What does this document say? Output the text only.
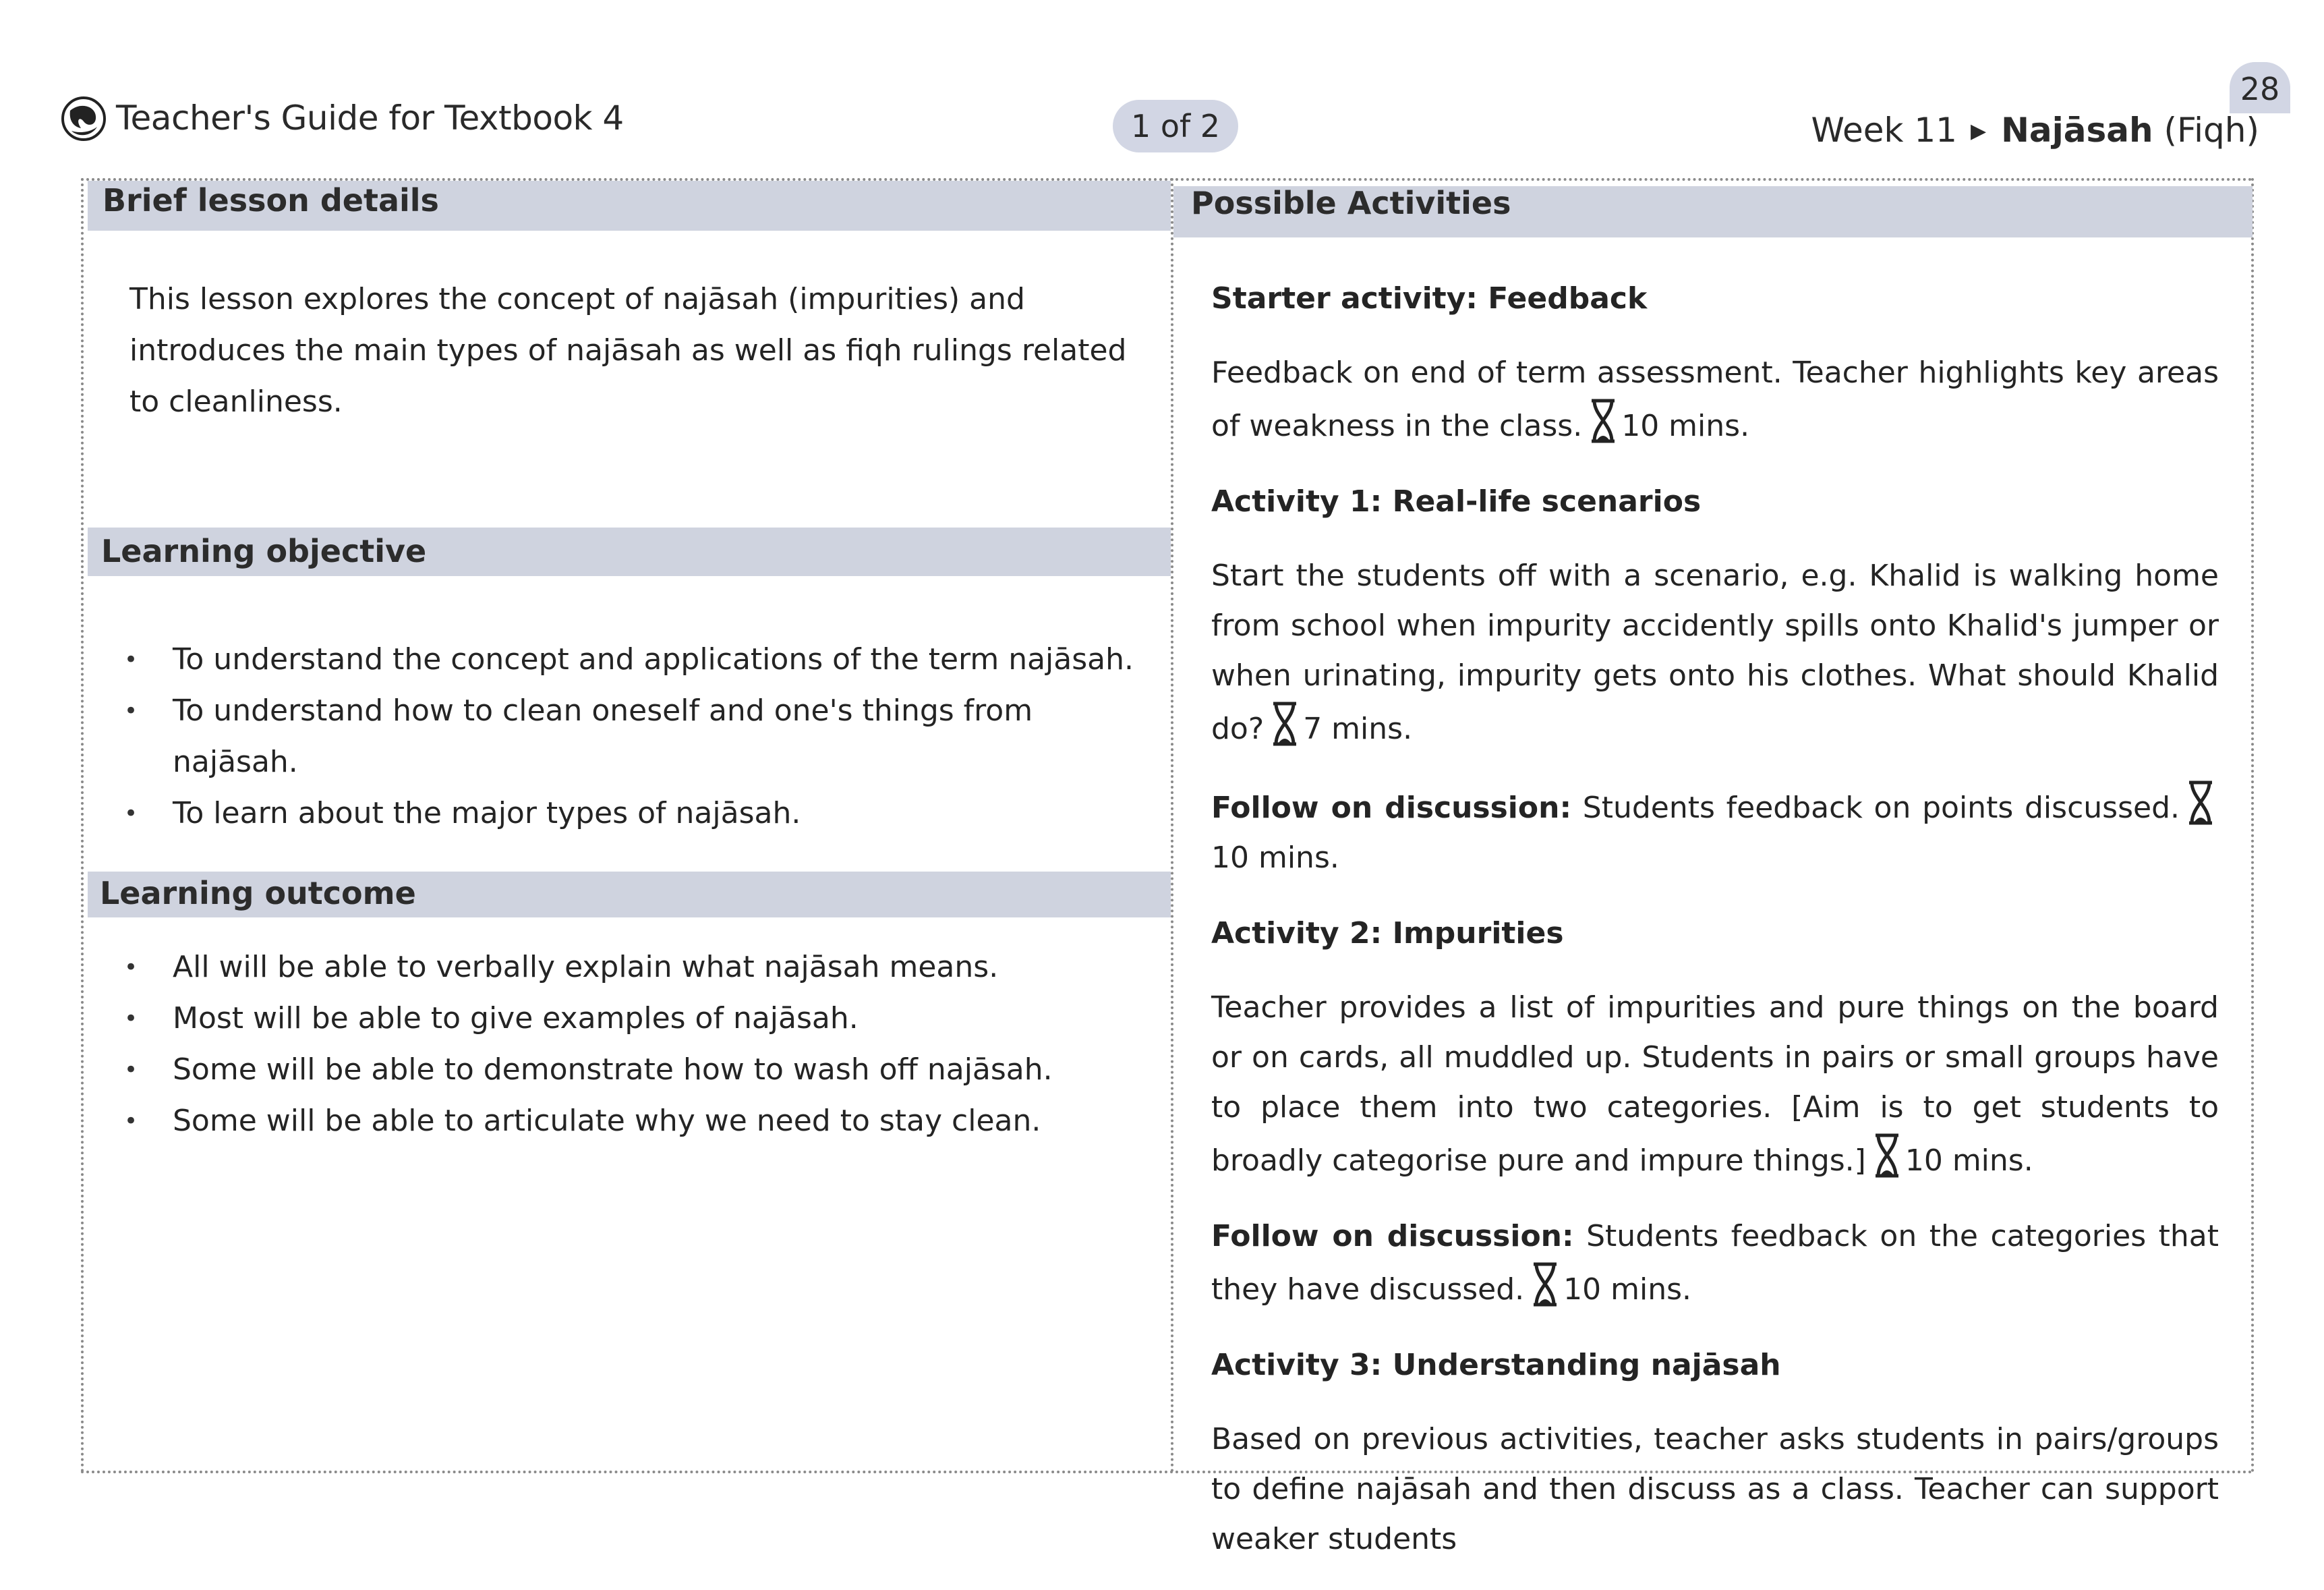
Teacher's Guide for Textbook 4	1 of 2
28
Week 11 ▶ Najāsah (Fiqh)
Brief lesson details
This lesson explores the concept of najāsah (impurities) and introduces the main types of najāsah as well as fiqh rulings related to cleanliness.
Learning objective
• To understand the concept and applications of the term najāsah.
• To understand how to clean oneself and one's things from najāsah.
• To learn about the major types of najāsah.
Learning outcome
• All will be able to verbally explain what najāsah means.
• Most will be able to give examples of najāsah.
• Some will be able to demonstrate how to wash off najāsah.
• Some will be able to articulate why we need to stay clean.
Possible Activities

Starter activity: Feedback

Feedback on end of term assessment. Teacher highlights key areas of weakness in the class. 10 mins.

Activity 1: Real-life scenarios

Start the students off with a scenario, e.g. Khalid is walking home from school when impurity accidently spills onto Khalid's jumper or when urinating, impurity gets onto his clothes. What should Khalid do? 7 mins.

Follow on discussion: Students feedback on points discussed.10 mins.

Activity 2: Impurities

Teacher provides a list of impurities and pure things on the board or on cards, all muddled up. Students in pairs or small groups have to place them into two categories. [Aim is to get students to broadly categorise pure and impure things.] 10 mins.

Follow on discussion: Students feedback on the categories that they have discussed. 10 mins.

Activity 3: Understanding najāsah

Based on previous activities, teacher asks students in pairs/groups to define najāsah and then discuss as a class. Teacher can support weaker students
